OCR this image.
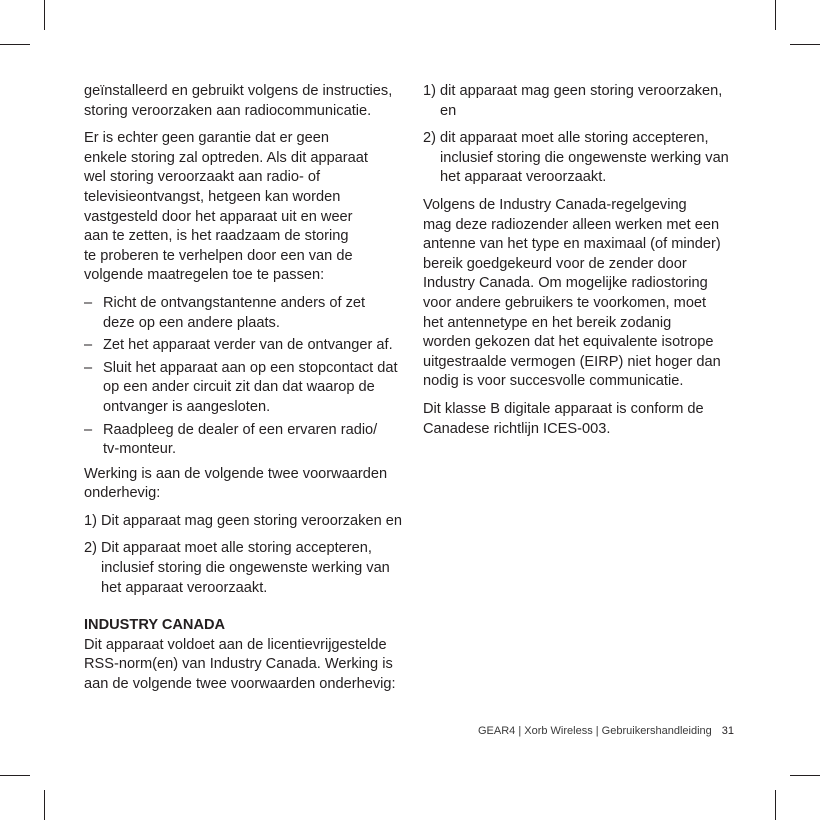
geïnstalleerd en gebruikt volgens de instructies,
storing veroorzaken aan radiocommunicatie.

Er is echter geen garantie dat er geen
enkele storing zal optreden. Als dit apparaat
wel storing veroorzaakt aan radio- of
televisieontvangst, hetgeen kan worden
vastgesteld door het apparaat uit en weer
aan te zetten, is het raadzaam de storing
te proberen te verhelpen door een van de
volgende maatregelen toe te passen:

– Richt de ontvangstantenne anders of zet
deze op een andere plaats.
– Zet het apparaat verder van de ontvanger af.
– Sluit het apparaat aan op een stopcontact dat
op een ander circuit zit dan dat waarop de
ontvanger is aangesloten.
– Raadpleeg de dealer of een ervaren radio/
tv-monteur.

Werking is aan de volgende twee voorwaarden
onderhevig:

1) Dit apparaat mag geen storing veroorzaken en
2) Dit apparaat moet alle storing accepteren,
inclusief storing die ongewenste werking van
het apparaat veroorzaakt.
INDUSTRY CANADA

Dit apparaat voldoet aan de licentievrijgestelde
RSS-norm(en) van Industry Canada. Werking is
aan de volgende twee voorwaarden onderhevig:

1) dit apparaat mag geen storing veroorzaken,
en
2) dit apparaat moet alle storing accepteren,
inclusief storing die ongewenste werking van
het apparaat veroorzaakt.

Volgens de Industry Canada-regelgeving
mag deze radiozender alleen werken met een
antenne van het type en maximaal (of minder)
bereik goedgekeurd voor de zender door
Industry Canada. Om mogelijke radiostoring
voor andere gebruikers te voorkomen, moet
het antennetype en het bereik zodanig
worden gekozen dat het equivalente isotrope
uitgestraalde vermogen (EIRP) niet hoger dan
nodig is voor succesvolle communicatie.

Dit klasse B digitale apparaat is conform de
Canadese richtlijn ICES-003.

GEAR4 | Xorb Wireless | Gebruikershandleiding 31
